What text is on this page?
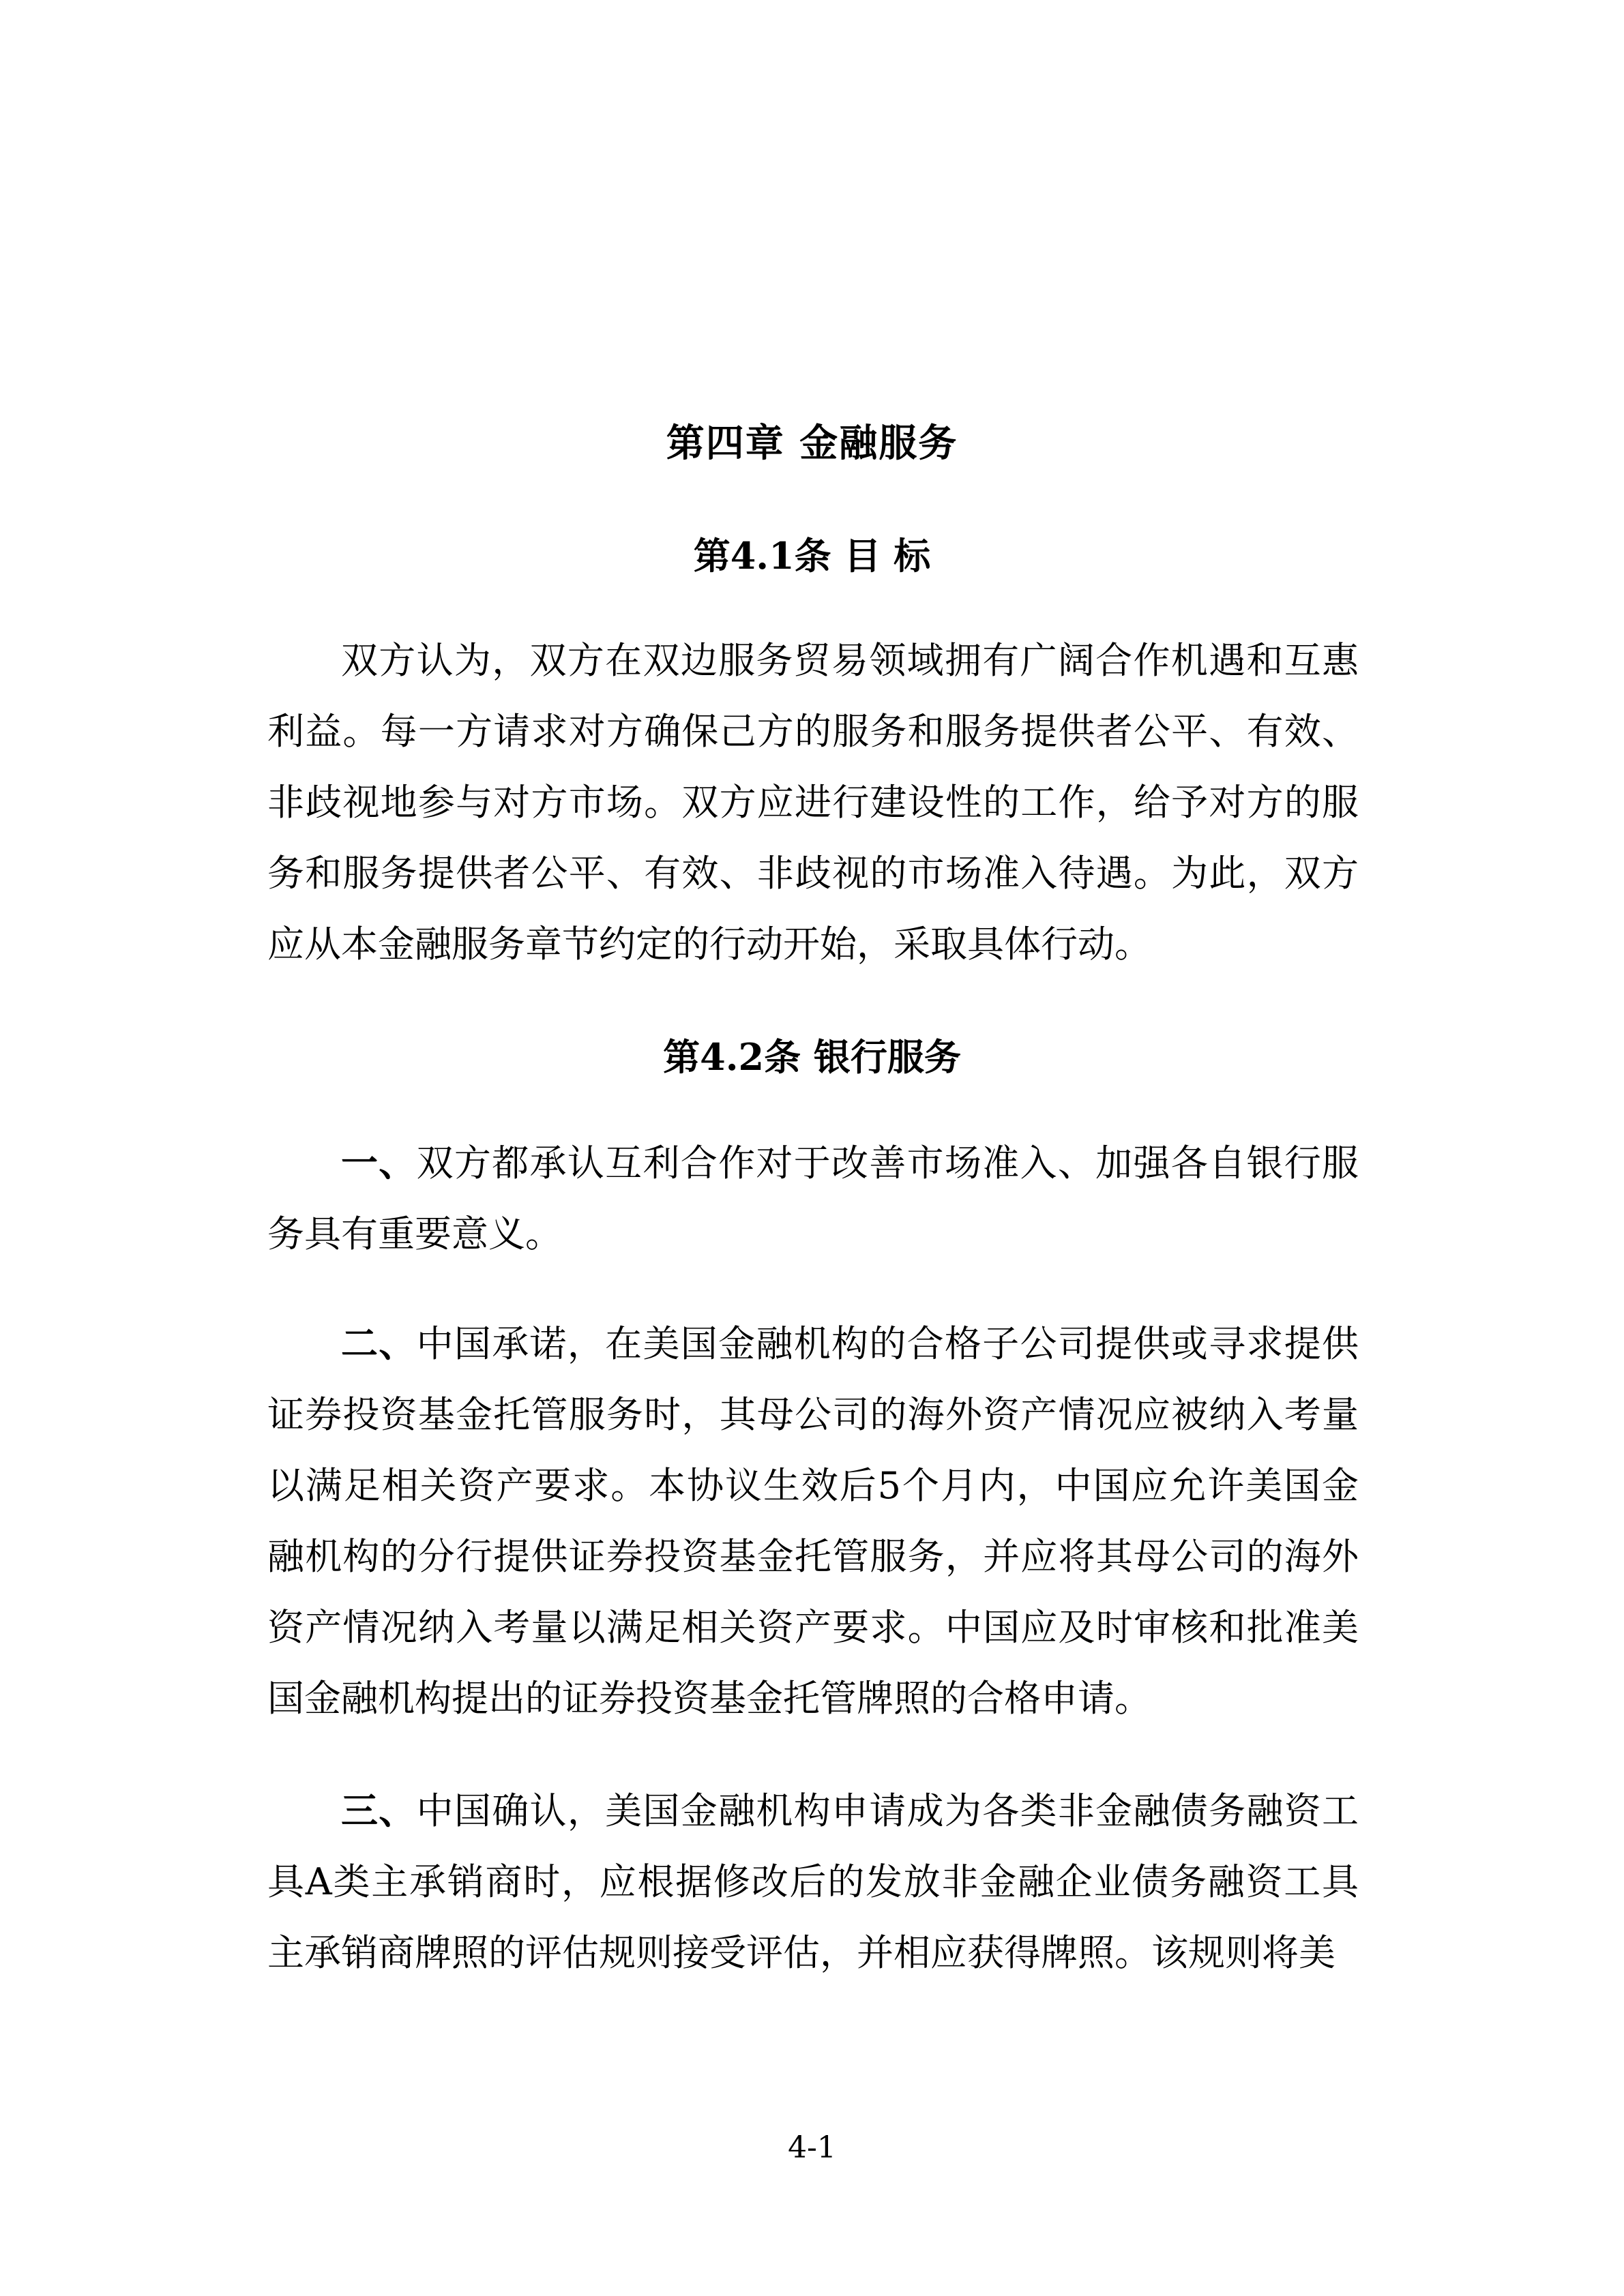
第四章 金融服务
第4.1条 目 标

双方认为，双方在双边服务贸易领域拥有广阔合作机遇和互惠利益。每一方请求对方确保己方的服务和服务提供者公平、有效、非歧视地参与对方市场。双方应进行建设性的工作，给予对方的服务和服务提供者公平、有效、非歧视的市场准入待遇。为此，双方应从本金融服务章节约定的行动开始，采取具体行动。

第4.2条 银行服务

一、双方都承认互利合作对于改善市场准入、加强各自银行服务具有重要意义。

二、中国承诺，在美国金融机构的合格子公司提供或寻求提供证券投资基金托管服务时，其母公司的海外资产情况应被纳入考量以满足相关资产要求。本协议生效后5个月内，中国应允许美国金融机构的分行提供证券投资基金托管服务，并应将其母公司的海外资产情况纳入考量以满足相关资产要求。中国应及时审核和批准美国金融机构提出的证券投资基金托管牌照的合格申请。

三、中国确认，美国金融机构申请成为各类非金融债务融资工具A类主承销商时，应根据修改后的发放非金融企业债务融资工具主承销商牌照的评估规则接受评估，并相应获得牌照。该规则将美

4-1
